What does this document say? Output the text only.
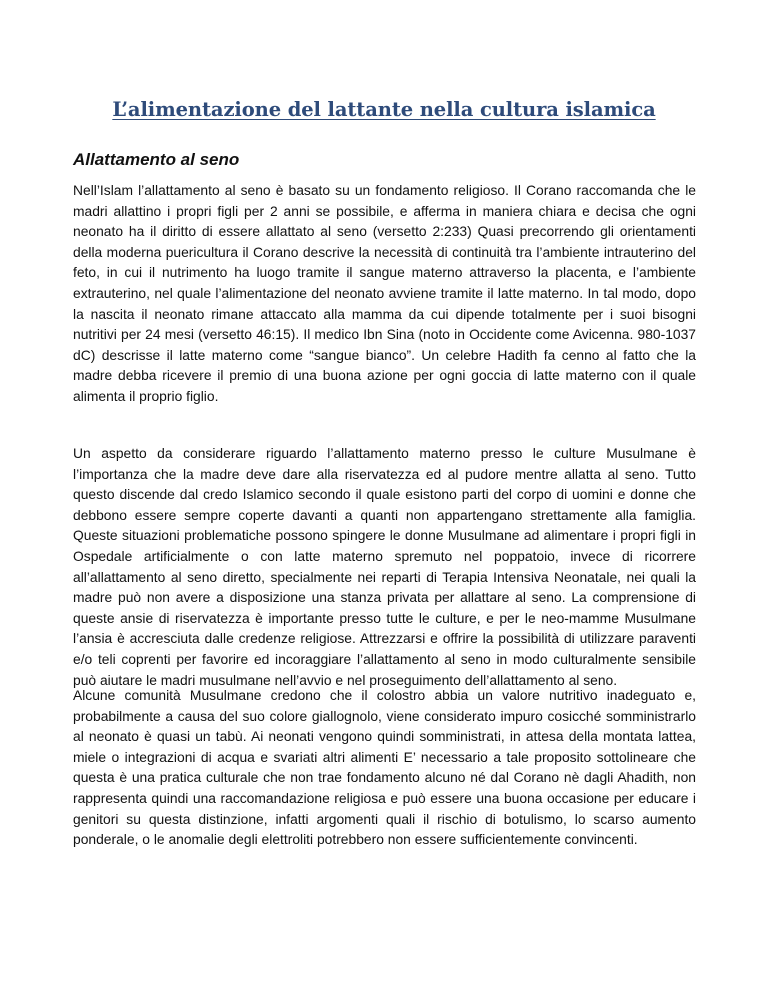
L’alimentazione del lattante nella cultura islamica
Allattamento al seno

Nell’Islam l’allattamento al seno è basato su un fondamento religioso. Il Corano raccomanda che le madri allattino i propri figli per 2 anni se possibile, e afferma in maniera chiara e decisa che ogni neonato ha il diritto di essere allattato al seno (versetto 2:233) Quasi precorrendo gli orientamenti della moderna puericultura il Corano descrive la necessità di continuità tra l’ambiente intrauterino del feto, in cui il nutrimento ha luogo tramite il sangue materno attraverso la placenta, e l’ambiente extrauterino, nel quale l’alimentazione del neonato avviene tramite il latte materno. In tal modo, dopo la nascita il neonato rimane attaccato alla mamma da cui dipende totalmente per i suoi bisogni nutritivi per 24 mesi (versetto 46:15). Il medico Ibn Sina (noto in Occidente come Avicenna. 980-1037 dC) descrisse il latte materno come “sangue bianco”. Un celebre Hadith fa cenno al fatto che la madre debba ricevere il premio di una buona azione per ogni goccia di latte materno con il quale alimenta il proprio figlio.

Un aspetto da considerare riguardo l’allattamento materno presso le culture Musulmane è l’importanza che la madre deve dare alla riservatezza ed al pudore mentre allatta al seno. Tutto questo discende dal credo Islamico secondo il quale esistono parti del corpo di uomini e donne che debbono essere sempre coperte davanti a quanti non appartengano strettamente alla famiglia. Queste situazioni problematiche possono spingere le donne Musulmane ad alimentare i propri figli in Ospedale artificialmente o con latte materno spremuto nel poppatoio, invece di ricorrere all’allattamento al seno diretto, specialmente nei reparti di Terapia Intensiva Neonatale, nei quali la madre può non avere a disposizione una stanza privata per allattare al seno. La comprensione di queste ansie di riservatezza è importante presso tutte le culture, e per le neo-mamme Musulmane l’ansia è accresciuta dalle credenze religiose. Attrezzarsi e offrire la possibilità di utilizzare paraventi e/o teli coprenti per favorire ed incoraggiare l’allattamento al seno in modo culturalmente sensibile può aiutare le madri musulmane nell’avvio e nel proseguimento dell’allattamento al seno.

Alcune comunità Musulmane credono che il colostro abbia un valore nutritivo inadeguato e, probabilmente a causa del suo colore giallognolo, viene considerato impuro cosicché somministrarlo al neonato è quasi un tabù. Ai neonati vengono quindi somministrati, in attesa della montata lattea, miele o integrazioni di acqua e svariati altri alimenti E’ necessario a tale proposito sottolineare che questa è una pratica culturale che non trae fondamento alcuno né dal Corano nè dagli Ahadith, non rappresenta quindi una raccomandazione religiosa e può essere una buona occasione per educare i genitori su questa distinzione, infatti argomenti quali il rischio di botulismo, lo scarso aumento ponderale, o le anomalie degli elettroliti potrebbero non essere sufficientemente convincenti.
